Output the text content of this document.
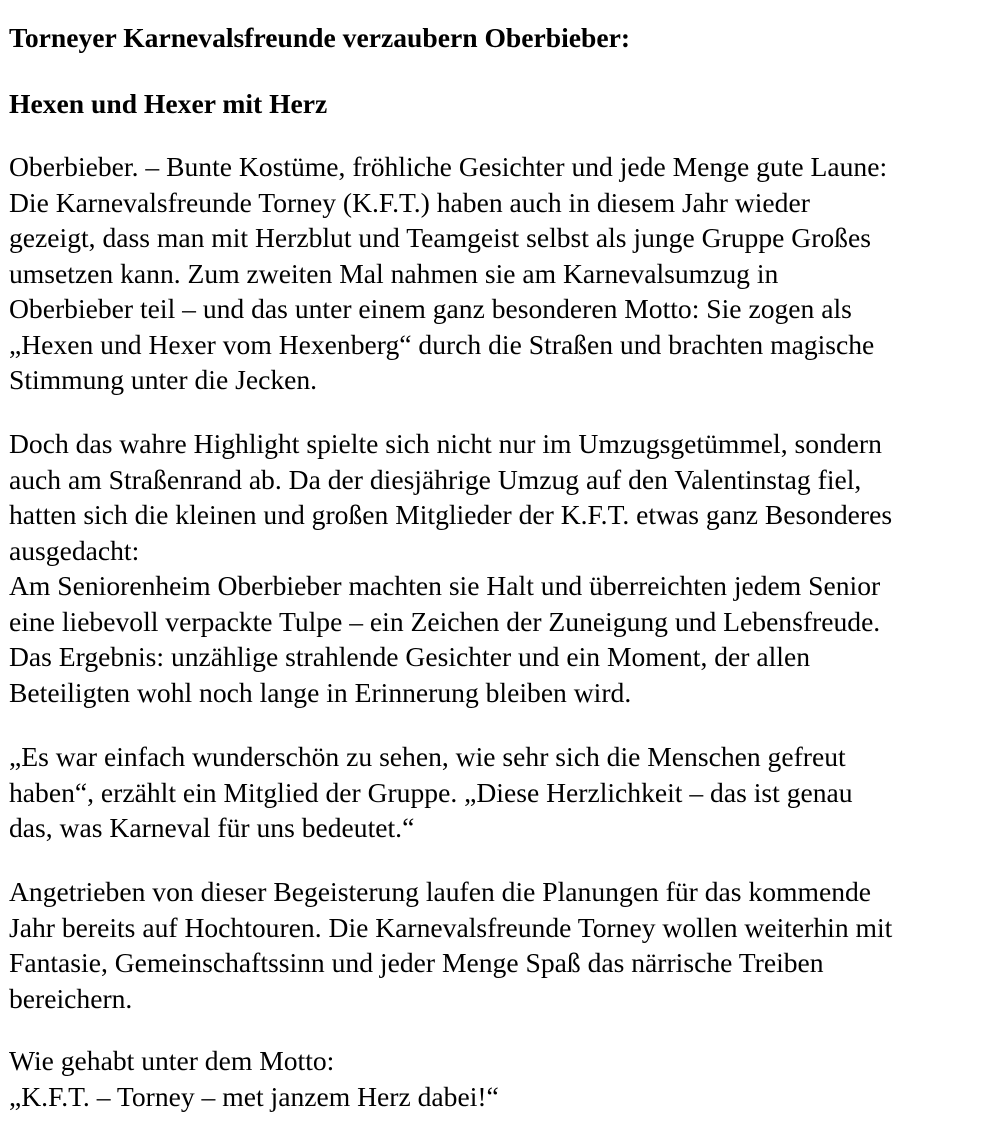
Torneyer Karnevalsfreunde verzaubern Oberbieber:
Hexen und Hexer mit Herz
Oberbieber. – Bunte Kostüme, fröhliche Gesichter und jede Menge gute Laune:
Die Karnevalsfreunde Torney (K.F.T.) haben auch in diesem Jahr wieder
gezeigt, dass man mit Herzblut und Teamgeist selbst als junge Gruppe Großes
umsetzen kann. Zum zweiten Mal nahmen sie am Karnevalsumzug in
Oberbieber teil – und das unter einem ganz besonderen Motto: Sie zogen als
„Hexen und Hexer vom Hexenberg“ durch die Straßen und brachten magische
Stimmung unter die Jecken.
Doch das wahre Highlight spielte sich nicht nur im Umzugsgetümmel, sondern
auch am Straßenrand ab. Da der diesjährige Umzug auf den Valentinstag fiel,
hatten sich die kleinen und großen Mitglieder der K.F.T. etwas ganz Besonderes
ausgedacht:
Am Seniorenheim Oberbieber machten sie Halt und überreichten jedem Senior
eine liebevoll verpackte Tulpe – ein Zeichen der Zuneigung und Lebensfreude.
Das Ergebnis: unzählige strahlende Gesichter und ein Moment, der allen
Beteiligten wohl noch lange in Erinnerung bleiben wird.
„Es war einfach wunderschön zu sehen, wie sehr sich die Menschen gefreut
haben“, erzählt ein Mitglied der Gruppe. „Diese Herzlichkeit – das ist genau
das, was Karneval für uns bedeutet.“
Angetrieben von dieser Begeisterung laufen die Planungen für das kommende
Jahr bereits auf Hochtouren. Die Karnevalsfreunde Torney wollen weiterhin mit
Fantasie, Gemeinschaftssinn und jeder Menge Spaß das närrische Treiben
bereichern.
Wie gehabt unter dem Motto:
„K.F.T. – Torney – met janzem Herz dabei!“
